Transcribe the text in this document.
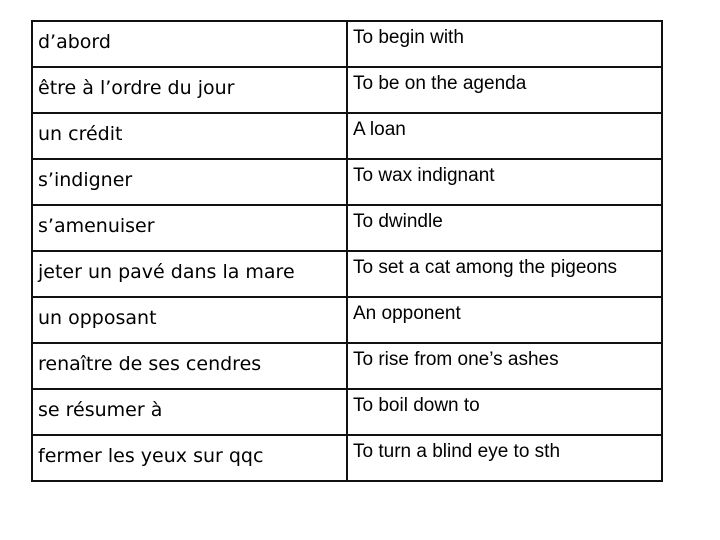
d’abord	To begin with
être à l’ordre du jour	To be on the agenda
un crédit	A loan
s’indigner	To wax indignant
s’amenuiser	To dwindle
jeter un pavé dans la mare	To set a cat among the pigeons
un opposant	An opponent
renaître de ses cendres	To rise from one’s ashes
se résumer à	To boil down to
fermer les yeux sur qqc	To turn a blind eye to sth
